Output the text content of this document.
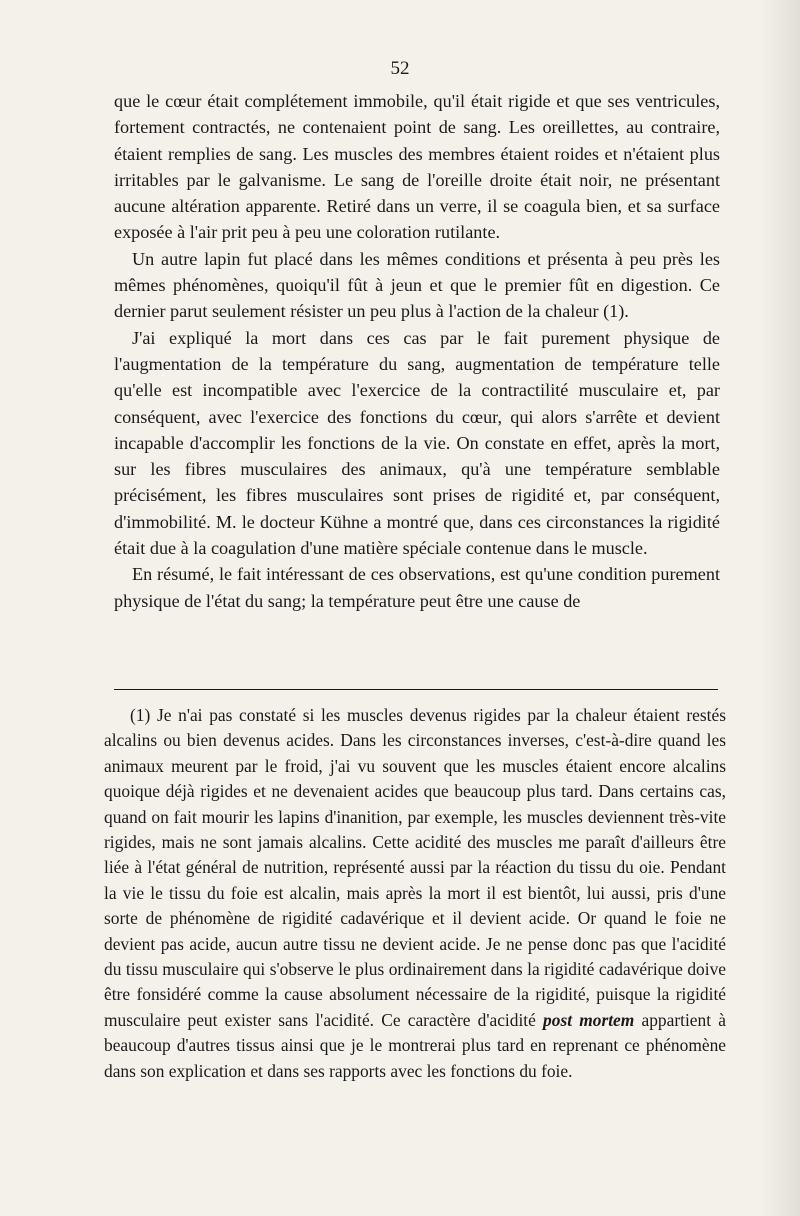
52

que le cœur était complétement immobile, qu'il était rigide et que ses ventricules, fortement contractés, ne contenaient point de sang. Les oreillettes, au contraire, étaient remplies de sang. Les muscles des membres étaient roides et n'étaient plus irritables par le galvanisme. Le sang de l'oreille droite était noir, ne présentant aucune altération apparente. Retiré dans un verre, il se coagula bien, et sa surface exposée à l'air prit peu à peu une coloration rutilante.

Un autre lapin fut placé dans les mêmes conditions et présenta à peu près les mêmes phénomènes, quoiqu'il fût à jeun et que le premier fût en digestion. Ce dernier parut seulement résister un peu plus à l'action de la chaleur (1).

J'ai expliqué la mort dans ces cas par le fait purement physique de l'augmentation de la température du sang, augmentation de température telle qu'elle est incompatible avec l'exercice de la contractilité musculaire et, par conséquent, avec l'exercice des fonctions du cœur, qui alors s'arrête et devient incapable d'accomplir les fonctions de la vie. On constate en effet, après la mort, sur les fibres musculaires des animaux, qu'à une température semblable précisément, les fibres musculaires sont prises de rigidité et, par conséquent, d'immobilité. M. le docteur Kühne a montré que, dans ces circonstances la rigidité était due à la coagulation d'une matière spéciale contenue dans le muscle.

En résumé, le fait intéressant de ces observations, est qu'une condition purement physique de l'état du sang; la température peut être une cause de

(1) Je n'ai pas constaté si les muscles devenus rigides par la chaleur étaient restés alcalins ou bien devenus acides. Dans les circonstances inverses, c'est-à-dire quand les animaux meurent par le froid, j'ai vu souvent que les muscles étaient encore alcalins quoique déjà rigides et ne devenaient acides que beaucoup plus tard. Dans certains cas, quand on fait mourir les lapins d'inanition, par exemple, les muscles deviennent très-vite rigides, mais ne sont jamais alcalins. Cette acidité des muscles me paraît d'ailleurs être liée à l'état général de nutrition, représenté aussi par la réaction du tissu du oie. Pendant la vie le tissu du foie est alcalin, mais après la mort il est bientôt, lui aussi, pris d'une sorte de phénomène de rigidité cadavérique et il devient acide. Or quand le foie ne devient pas acide, aucun autre tissu ne devient acide. Je ne pense donc pas que l'acidité du tissu musculaire qui s'observe le plus ordinairement dans la rigidité cadavérique doive être fonsidéré comme la cause absolument nécessaire de la rigidité, puisque la rigidité musculaire peut exister sans l'acidité. Ce caractère d'acidité post mortem appartient à beaucoup d'autres tissus ainsi que je le montrerai plus tard en reprenant ce phénomène dans son explication et dans ses rapports avec les fonctions du foie.
